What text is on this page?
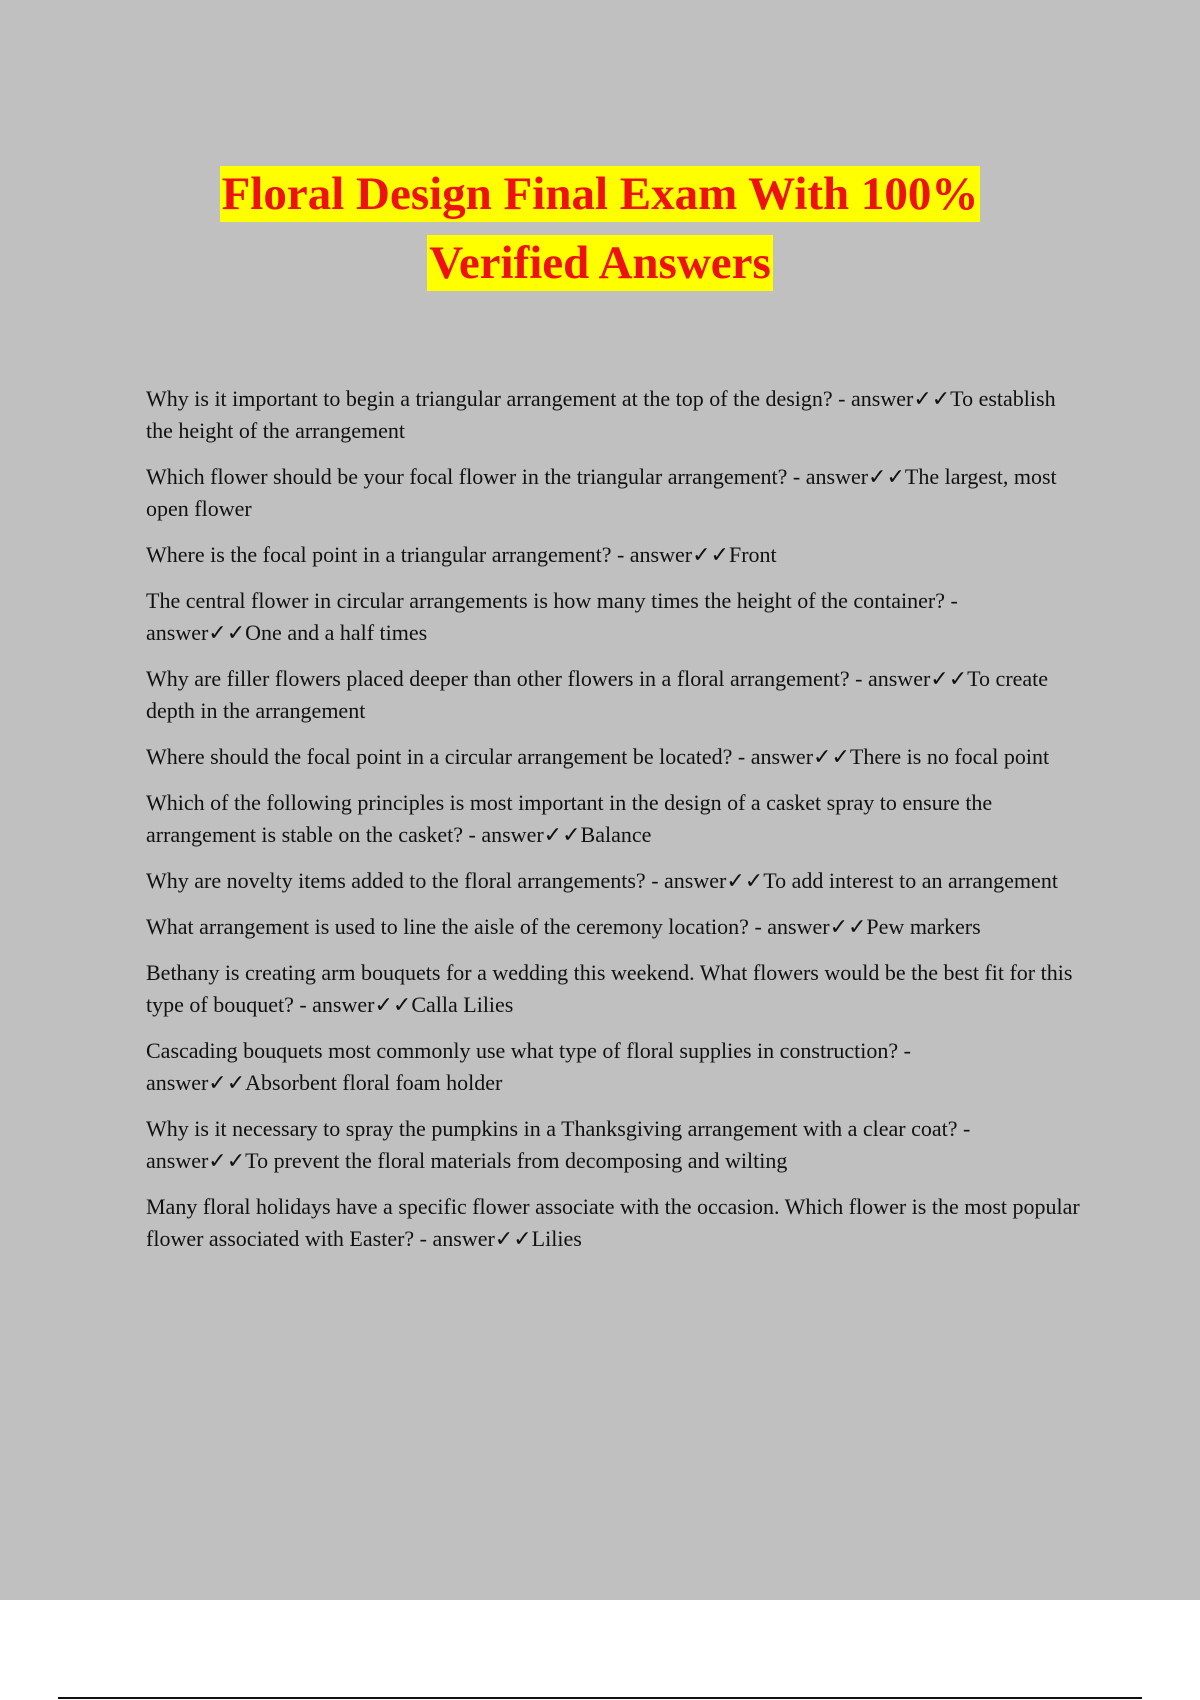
Floral Design Final Exam With 100%
Verified Answers

Why is it important to begin a triangular arrangement at the top of the design? - answer✓✓To establish the height of the arrangement

Which flower should be your focal flower in the triangular arrangement? - answer✓✓The largest, most open flower

Where is the focal point in a triangular arrangement? - answer✓✓Front

The central flower in circular arrangements is how many times the height of the container? - answer✓✓One and a half times

Why are filler flowers placed deeper than other flowers in a floral arrangement? - answer✓✓To create depth in the arrangement

Where should the focal point in a circular arrangement be located? - answer✓✓There is no focal point

Which of the following principles is most important in the design of a casket spray to ensure the arrangement is stable on the casket? - answer✓✓Balance

Why are novelty items added to the floral arrangements? - answer✓✓To add interest to an arrangement

What arrangement is used to line the aisle of the ceremony location? - answer✓✓Pew markers

Bethany is creating arm bouquets for a wedding this weekend. What flowers would be the best fit for this type of bouquet? - answer✓✓Calla Lilies

Cascading bouquets most commonly use what type of floral supplies in construction? - answer✓✓Absorbent floral foam holder

Why is it necessary to spray the pumpkins in a Thanksgiving arrangement with a clear coat? - answer✓✓To prevent the floral materials from decomposing and wilting

Many floral holidays have a specific flower associate with the occasion. Which flower is the most popular flower associated with Easter? - answer✓✓Lilies
